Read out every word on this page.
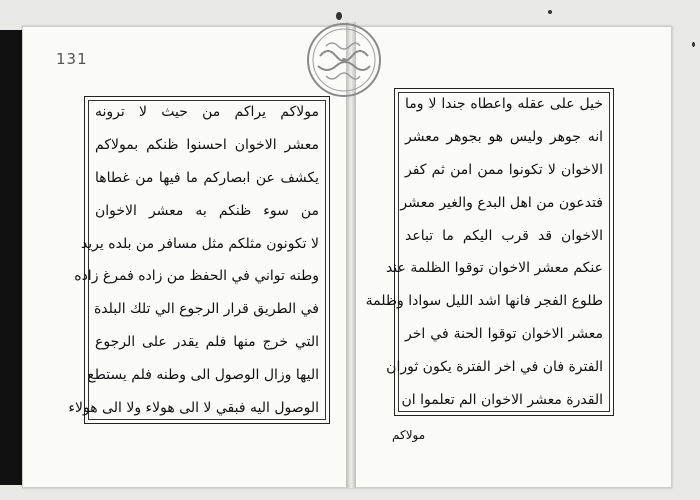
131
مولاكم يراكم من حيث لا ترونه
معشر الاخوان احسنوا ظنكم بمولاكم
يكشف عن ابصاركم ما فيها من غطاها
من سوء ظنكم به معشر الاخوان
لا تكونون مثلكم مثل مسافر من بلده يريد
وطنه تواني في الحفظ من زاده فمرغ زاده
في الطريق قرار الرجوع الي تلك البلدة
التي خرج منها فلم يقدر على الرجوع
اليها وزال الوصول الى وطنه فلم يستطع
الوصول اليه فبقي لا الى هولاء ولا الى هولاء
خيل على عقله واعطاه جندا لا وما
انه جوهر وليس هو بجوهر معشر
الاخوان لا تكونوا ممن امن ثم كفر
فتدعون من اهل البدع والغير معشر
الاخوان قد قرب اليكم ما تباعد
عنكم معشر الاخوان توقوا الظلمة عند
طلوع الفجر فانها اشد الليل سوادا وظلمة
معشر الاخوان توقوا الحنة في اخر
الفترة فان في اخر الفترة يكون ثوران
القدرة معشر الاخوان الم تعلموا ان
مولاكم
